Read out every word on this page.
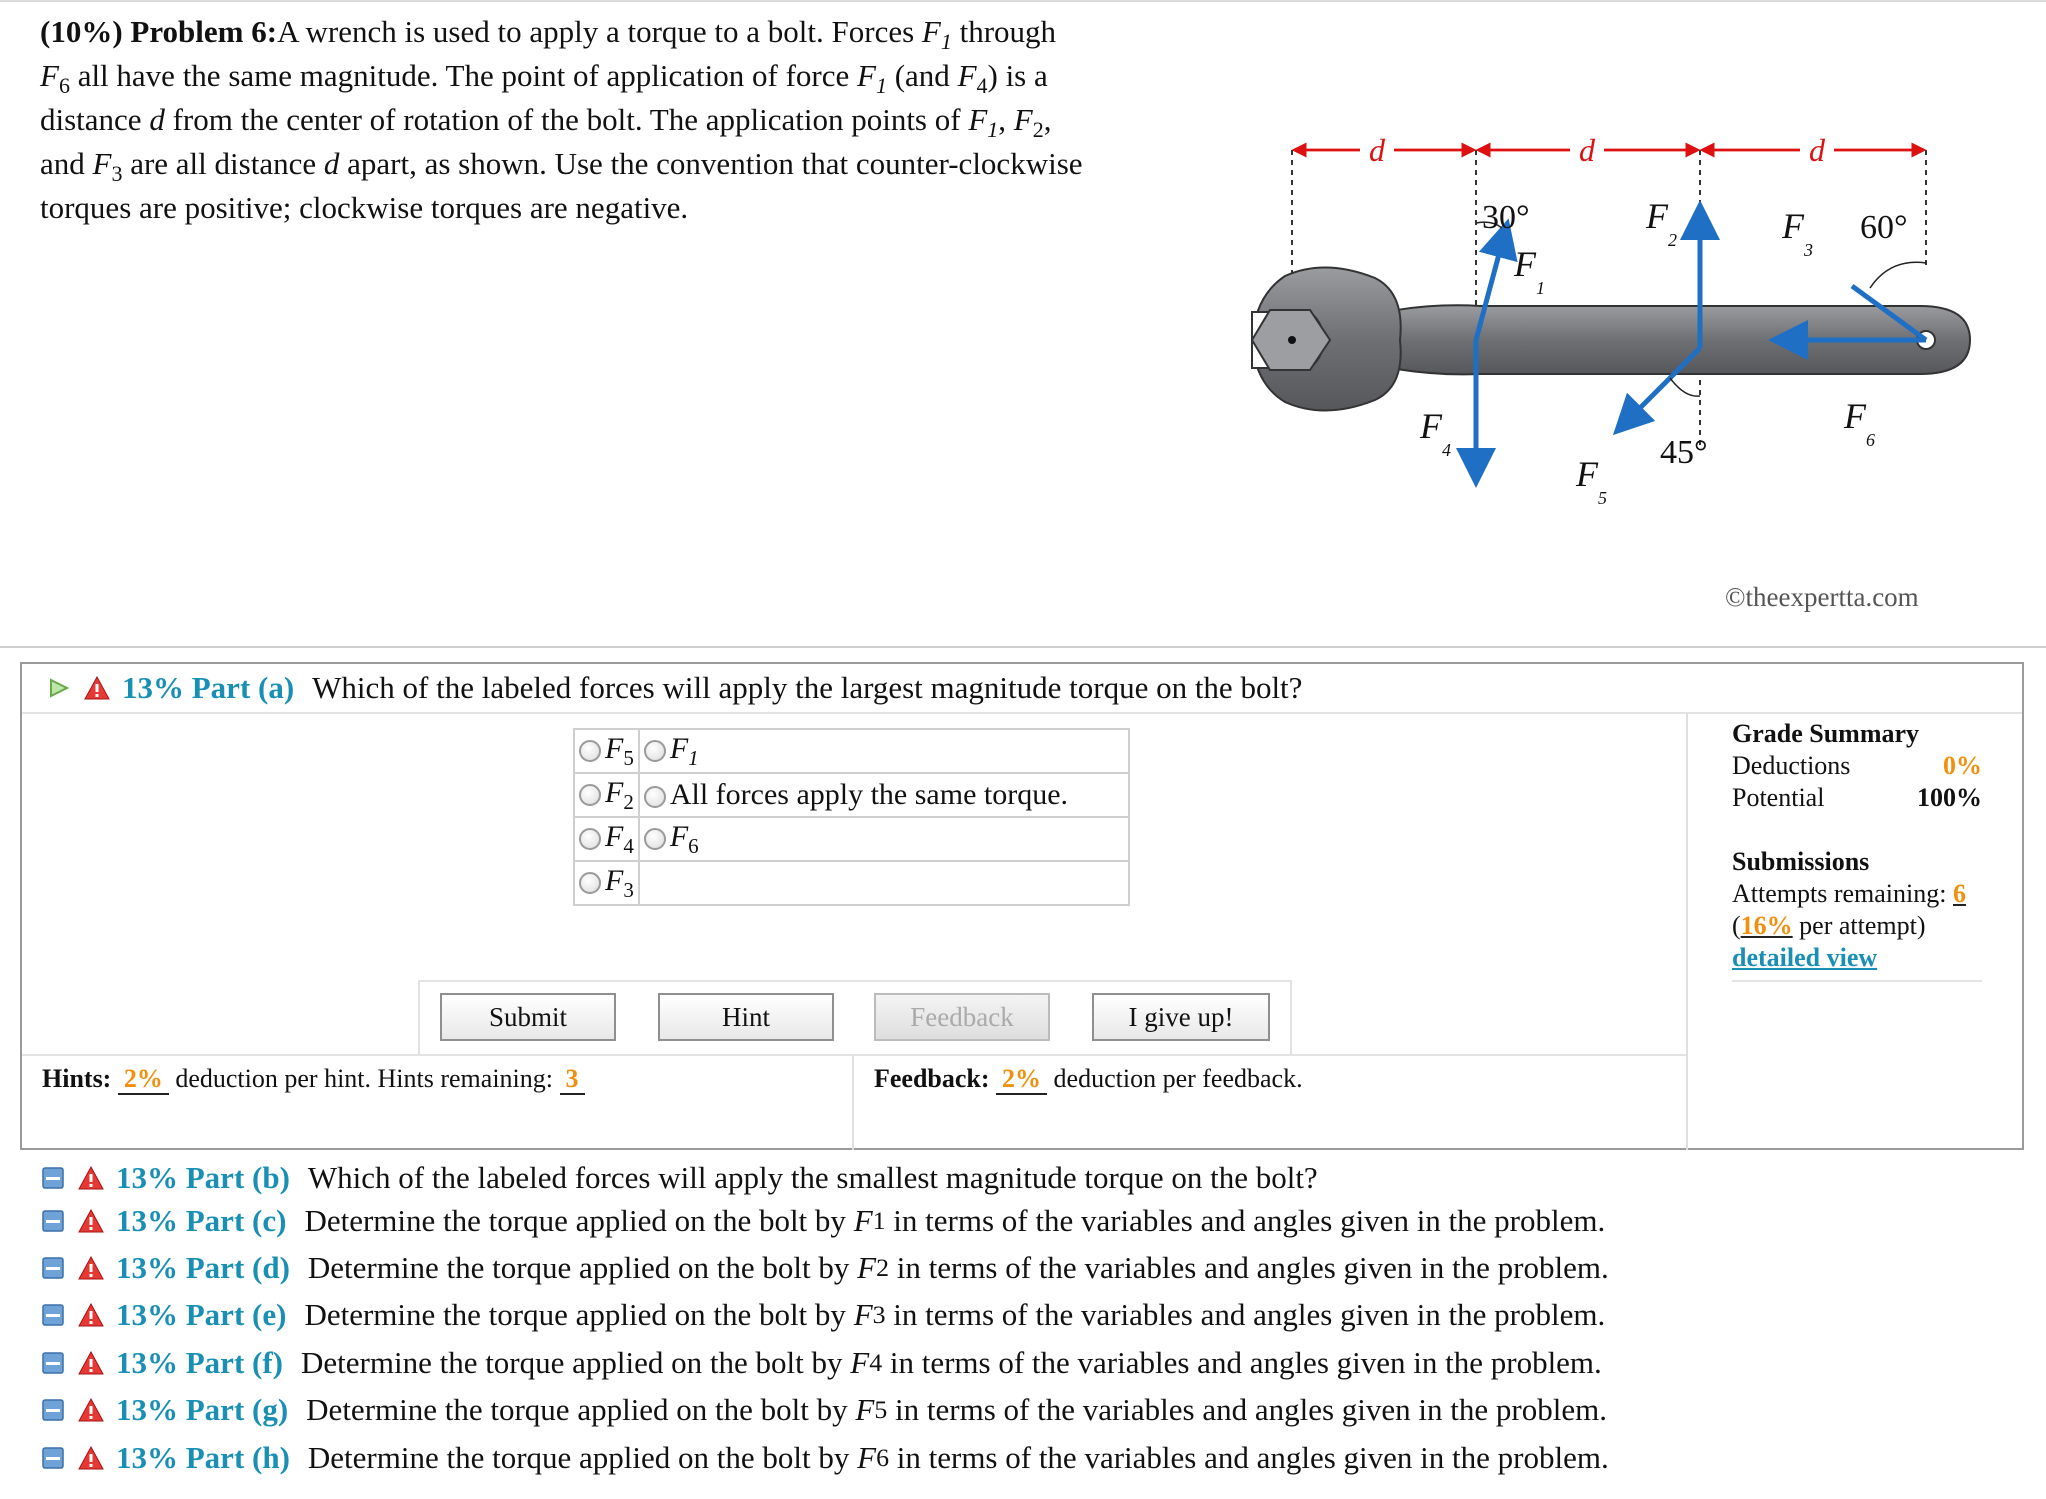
(10%) Problem 6:A wrench is used to apply a torque to a bolt. Forces $F_1$ through
$F_6$ all have the same magnitude. The point of application of force $F_1$ (and $F_4$) is a
distance d from the center of rotation of the bolt. The application points of $F_1$, $F_2$,
and $F_3$ are all distance d apart, as shown. Use the convention that counter-clockwise
torques are positive; clockwise torques are negative.
d	d	d
30°	60°
45°
F
1
F
2	F
3
F
4
F
5
F
6
©theexpertta.com
13% Part (a) Which of the labeled forces will apply the largest magnitude torque on the bolt?
$F_5$	$F_1$
$F_2$	All forces apply the same torque.
$F_4$	$F_6$
$F_3$	
Submit	Hint	Feedback	I give up!
Hints: 2% deduction per hint. Hints remaining: 3	Feedback: 2% deduction per feedback.
Grade Summary
Deductions	0%
Potential	100%
Submissions
Attempts remaining: 6
(16% per attempt)
detailed view
13% Part (b) Which of the labeled forces will apply the smallest magnitude torque on the bolt?
13% Part (c) Determine the torque applied on the bolt by F 1 in terms of the variables and angles given in the problem.
13% Part (d) Determine the torque applied on the bolt by F 2 in terms of the variables and angles given in the problem.
13% Part (e) Determine the torque applied on the bolt by F 3 in terms of the variables and angles given in the problem.
13% Part (f) Determine the torque applied on the bolt by F 4 in terms of the variables and angles given in the problem.
13% Part (g) Determine the torque applied on the bolt by F 5 in terms of the variables and angles given in the problem.
13% Part (h) Determine the torque applied on the bolt by F 6 in terms of the variables and angles given in the problem.
